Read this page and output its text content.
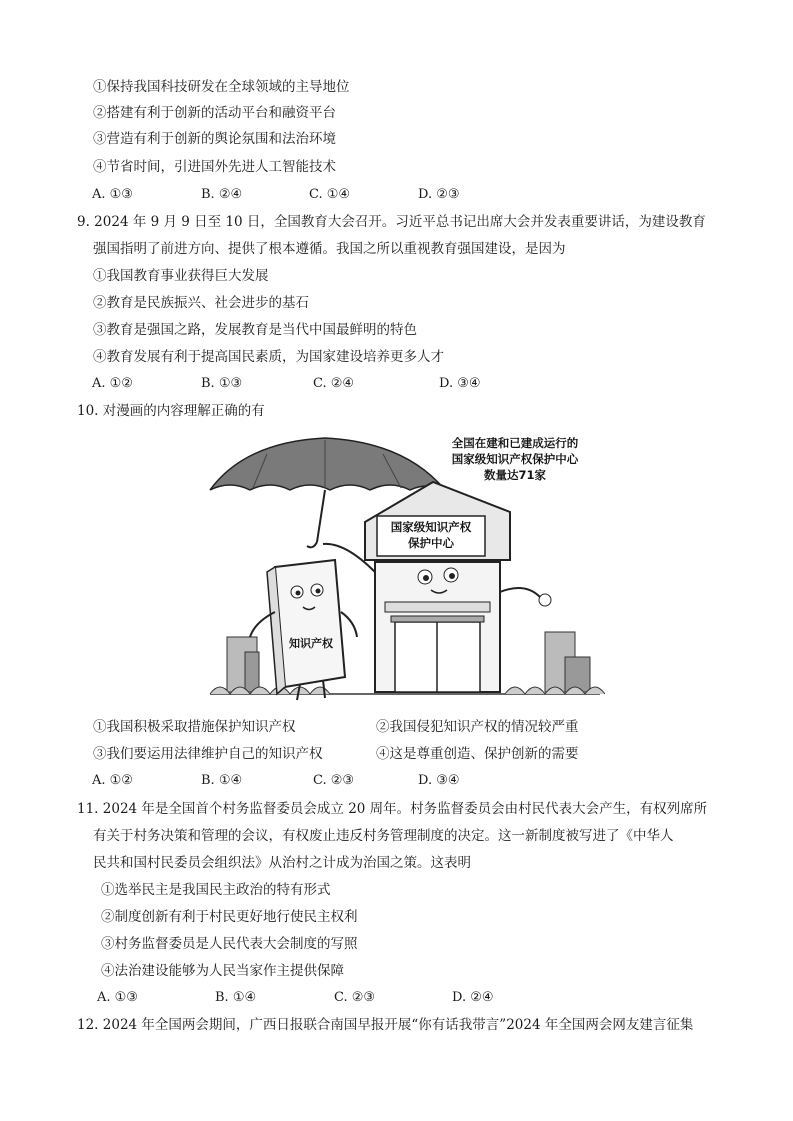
①保持我国科技研发在全球领域的主导地位
②搭建有利于创新的活动平台和融资平台
③营造有利于创新的舆论氛围和法治环境
④节省时间，引进国外先进人工智能技术
A. ①③	B. ②④	C. ①④	D. ②③
9. 2024 年 9 月 9 日至 10 日，全国教育大会召开。习近平总书记出席大会并发表重要讲话，为建设教育
强国指明了前进方向、提供了根本遵循。我国之所以重视教育强国建设，是因为
①我国教育事业获得巨大发展
②教育是民族振兴、社会进步的基石
③教育是强国之路，发展教育是当代中国最鲜明的特色
④教育发展有利于提高国民素质，为国家建设培养更多人才
A. ①②	B. ①③	C. ②④	D. ③④
10. 对漫画的内容理解正确的有
全国在建和已建成运行的
国家级知识产权保护中心
数量达71家
国家级知识产权
保护中心
知识产权
①我国积极采取措施保护知识产权	②我国侵犯知识产权的情况较严重
③我们要运用法律维护自己的知识产权	④这是尊重创造、保护创新的需要
A. ①②	B. ①④	C. ②③	D. ③④
11. 2024 年是全国首个村务监督委员会成立 20 周年。村务监督委员会由村民代表大会产生，有权列席所
有关于村务决策和管理的会议，有权废止违反村务管理制度的决定。这一新制度被写进了《中华人
民共和国村民委员会组织法》从治村之计成为治国之策。这表明
①选举民主是我国民主政治的特有形式
②制度创新有利于村民更好地行使民主权利
③村务监督委员是人民代表大会制度的写照
④法治建设能够为人民当家作主提供保障
A. ①③	B. ①④	C. ②③	D. ②④
12. 2024 年全国两会期间，广西日报联合南国早报开展“你有话我带言”2024 年全国两会网友建言征集
